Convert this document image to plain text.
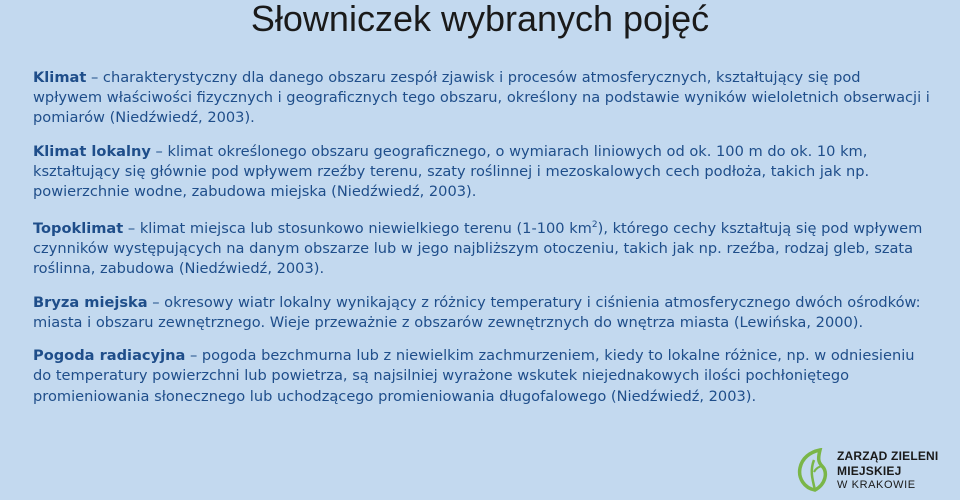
Słowniczek wybranych pojęć

Klimat – charakterystyczny dla danego obszaru zespół zjawisk i procesów atmosferycznych, kształtujący się pod wpływem właściwości fizycznych i geograficznych tego obszaru, określony na podstawie wyników wieloletnich obserwacji i pomiarów (Niedźwiedź, 2003).

Klimat lokalny – klimat określonego obszaru geograficznego, o wymiarach liniowych od ok. 100 m do ok. 10 km, kształtujący się głównie pod wpływem rzeźby terenu, szaty roślinnej i mezoskalowych cech podłoża, takich jak np. powierzchnie wodne, zabudowa miejska (Niedźwiedź, 2003).

Topoklimat – klimat miejsca lub stosunkowo niewielkiego terenu (1-100 $km^2$), którego cechy kształtują się pod wpływem czynników występujących na danym obszarze lub w jego najbliższym otoczeniu, takich jak np. rzeźba, rodzaj gleb, szata roślinna, zabudowa (Niedźwiedź, 2003).

Bryza miejska – okresowy wiatr lokalny wynikający z różnicy temperatury i ciśnienia atmosferycznego dwóch ośrodków: miasta i obszaru zewnętrznego. Wieje przeważnie z obszarów zewnętrznych do wnętrza miasta (Lewińska, 2000).

Pogoda radiacyjna – pogoda bezchmurna lub z niewielkim zachmurzeniem, kiedy to lokalne różnice, np. w odniesieniu do temperatury powierzchni lub powietrza, są najsilniej wyrażone wskutek niejednakowych ilości pochłoniętego promieniowania słonecznego lub uchodzącego promieniowania długofalowego (Niedźwiedź, 2003).

ZARZĄD ZIELENI
MIEJSKIEJ
W KRAKOWIE
